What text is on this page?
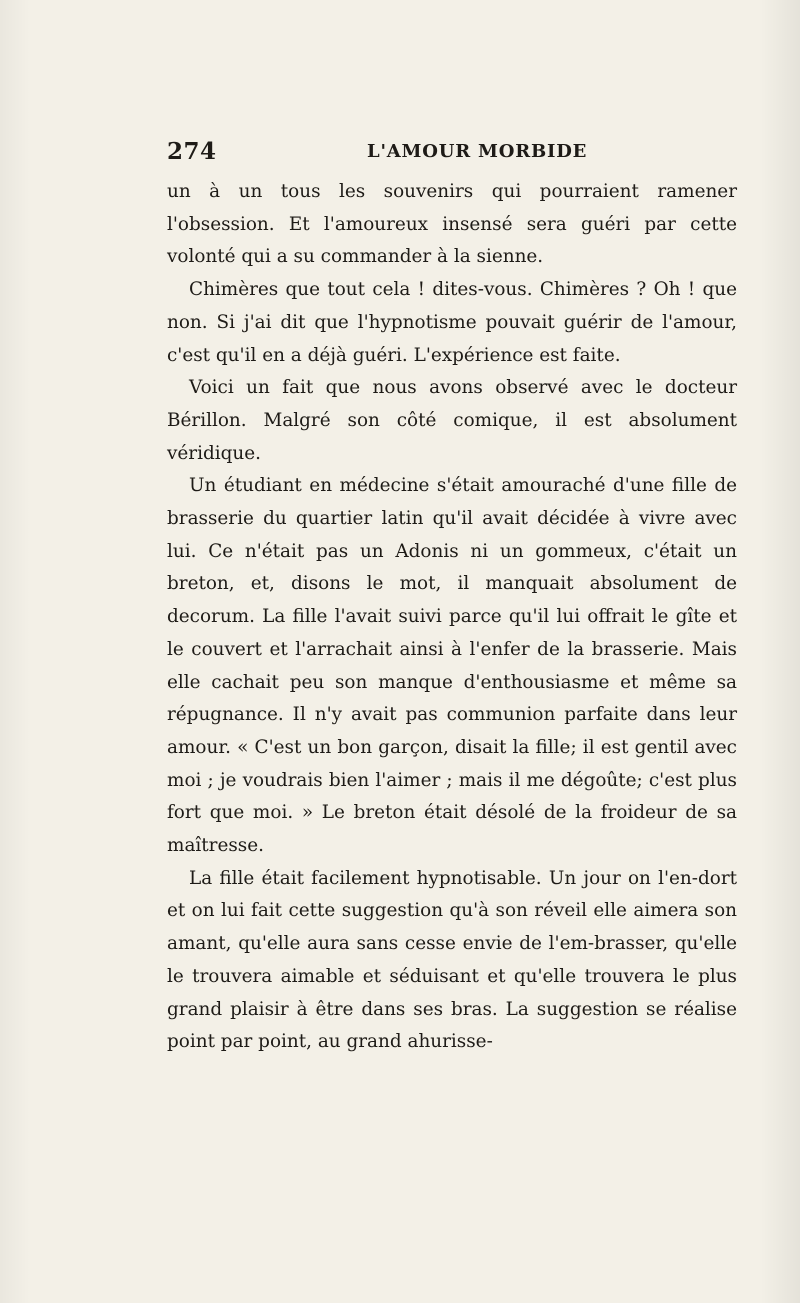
274	L'AMOUR MORBIDE

un à un tous les souvenirs qui pourraient ramener l'obsession. Et l'amoureux insensé sera guéri par cette volonté qui a su commander à la sienne.

Chimères que tout cela ! dites-vous. Chimères ? Oh ! que non. Si j'ai dit que l'hypnotisme pouvait guérir de l'amour, c'est qu'il en a déjà guéri. L'expérience est faite.

Voici un fait que nous avons observé avec le docteur Bérillon. Malgré son côté comique, il est absolument véridique.

Un étudiant en médecine s'était amouraché d'une fille de brasserie du quartier latin qu'il avait décidée à vivre avec lui. Ce n'était pas un Adonis ni un gommeux, c'était un breton, et, disons le mot, il manquait absolument de decorum. La fille l'avait suivi parce qu'il lui offrait le gîte et le couvert et l'arrachait ainsi à l'enfer de la brasserie. Mais elle cachait peu son manque d'enthousiasme et même sa répugnance. Il n'y avait pas communion parfaite dans leur amour. « C'est un bon garçon, disait la fille; il est gentil avec moi ; je voudrais bien l'aimer ; mais il me dégoûte; c'est plus fort que moi. » Le breton était désolé de la froideur de sa maîtresse.

La fille était facilement hypnotisable. Un jour on l'en-dort et on lui fait cette suggestion qu'à son réveil elle aimera son amant, qu'elle aura sans cesse envie de l'em-brasser, qu'elle le trouvera aimable et séduisant et qu'elle trouvera le plus grand plaisir à être dans ses bras. La suggestion se réalise point par point, au grand ahurisse-
